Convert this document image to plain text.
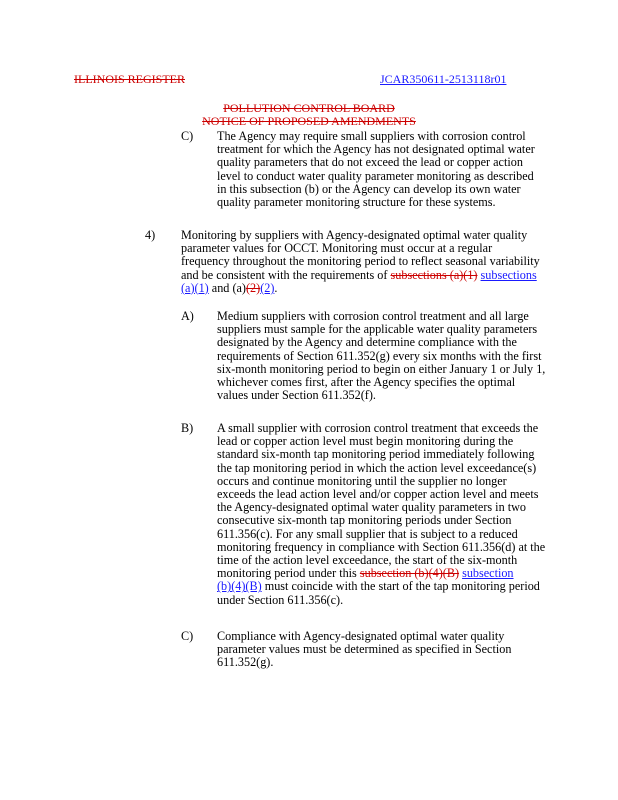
ILLINOIS REGISTER	JCAR350611-2513118r01
POLLUTION CONTROL BOARD
NOTICE OF PROPOSED AMENDMENTS
C) The Agency may require small suppliers with corrosion control
treatment for which the Agency has not designated optimal water
quality parameters that do not exceed the lead or copper action
level to conduct water quality parameter monitoring as described
in this subsection (b) or the Agency can develop its own water
quality parameter monitoring structure for these systems.
4) Monitoring by suppliers with Agency-designated optimal water quality
parameter values for OCCT. Monitoring must occur at a regular
frequency throughout the monitoring period to reflect seasonal variability
and be consistent with the requirements of subsections (a)(1) subsections
(a)(1) and (a)(2)(2).
A) Medium suppliers with corrosion control treatment and all large
suppliers must sample for the applicable water quality parameters
designated by the Agency and determine compliance with the
requirements of Section 611.352(g) every six months with the first
six-month monitoring period to begin on either January 1 or July 1,
whichever comes first, after the Agency specifies the optimal
values under Section 611.352(f).
B) A small supplier with corrosion control treatment that exceeds the
lead or copper action level must begin monitoring during the
standard six-month tap monitoring period immediately following
the tap monitoring period in which the action level exceedance(s)
occurs and continue monitoring until the supplier no longer
exceeds the lead action level and/or copper action level and meets
the Agency-designated optimal water quality parameters in two
consecutive six-month tap monitoring periods under Section
611.356(c). For any small supplier that is subject to a reduced
monitoring frequency in compliance with Section 611.356(d) at the
time of the action level exceedance, the start of the six-month
monitoring period under this subsection (b)(4)(B) subsection
(b)(4)(B) must coincide with the start of the tap monitoring period
under Section 611.356(c).
C) Compliance with Agency-designated optimal water quality
parameter values must be determined as specified in Section
611.352(g).
